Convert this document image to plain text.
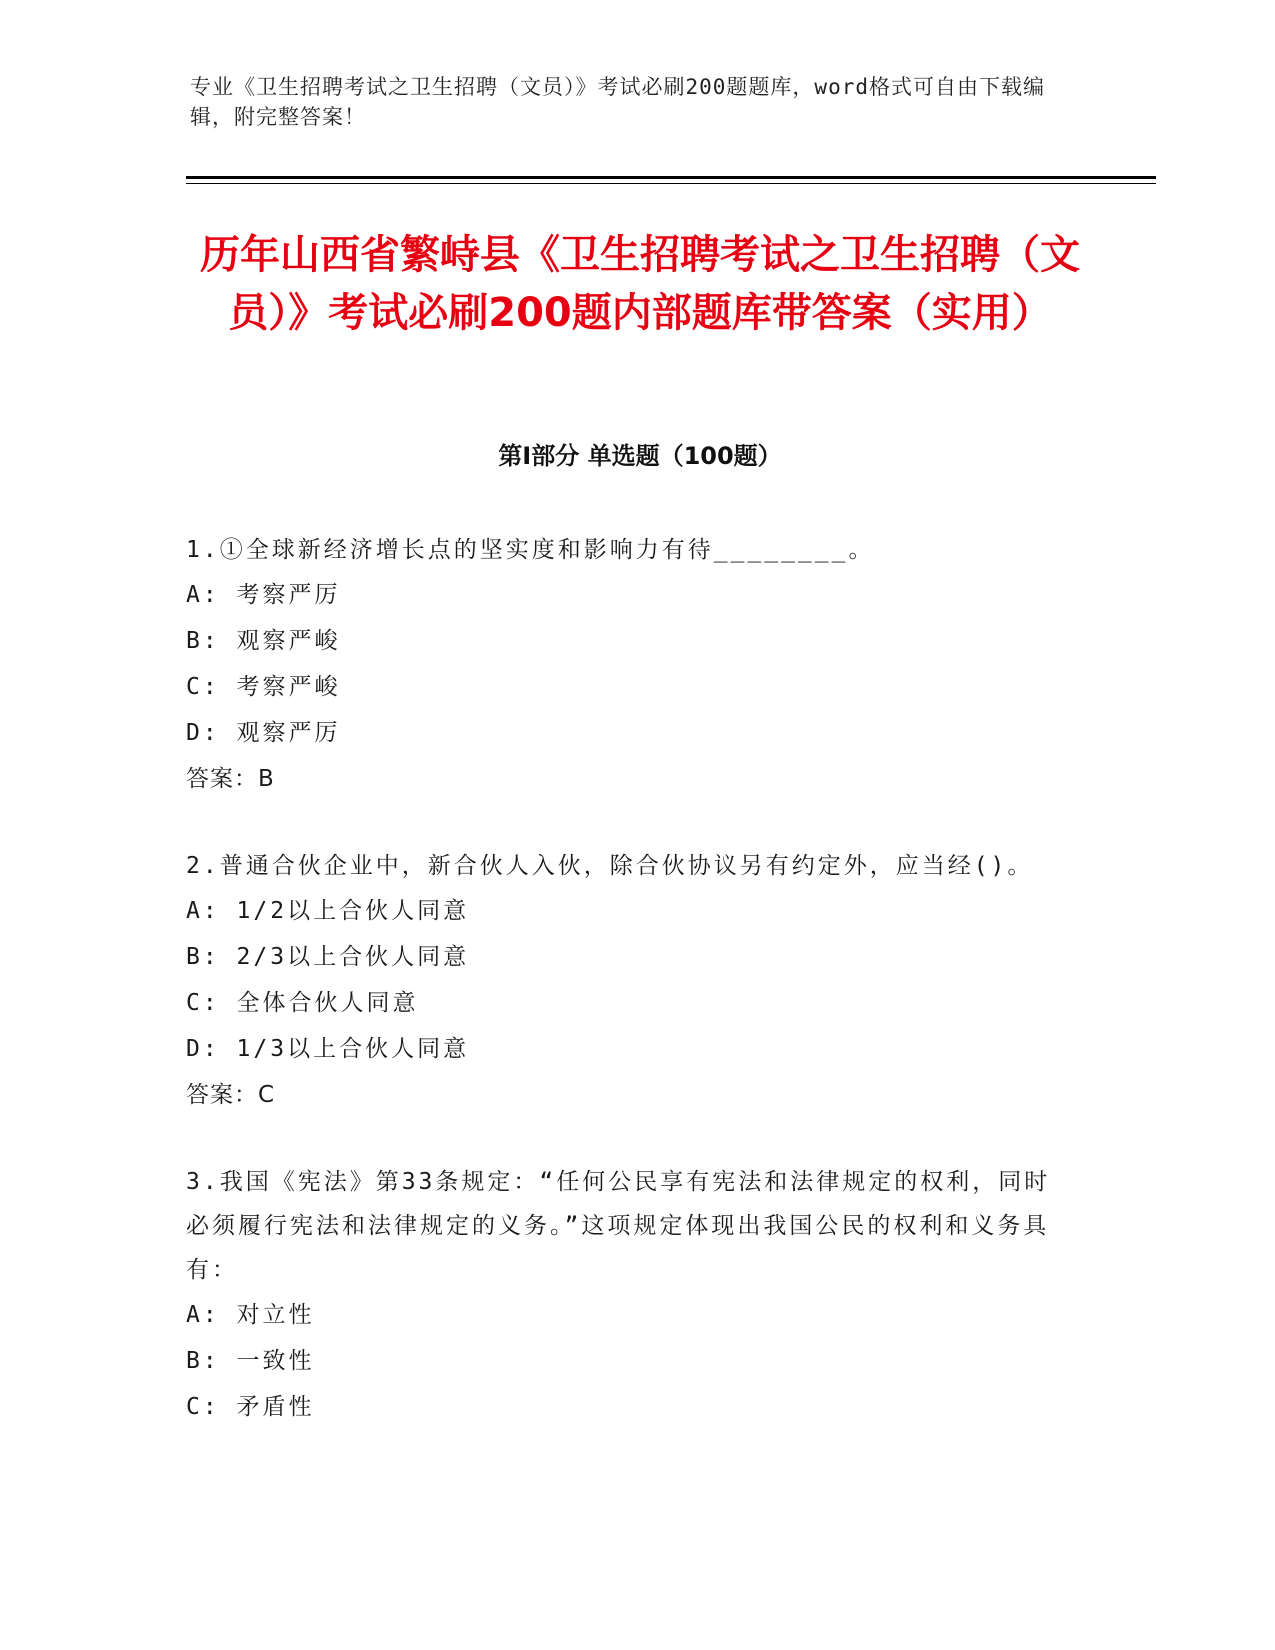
专业《卫生招聘考试之卫生招聘（文员）》考试必刷200题题库，word格式可自由下载编辑，附完整答案！
历年山西省繁峙县《卫生招聘考试之卫生招聘（文员）》考试必刷200题内部题库带答案（实用）
第Ⅰ部分 单选题（100题）
1.①全球新经济增长点的坚实度和影响力有待________。
A: 考察严厉
B: 观察严峻
C: 考察严峻
D: 观察严厉
答案：B
2.普通合伙企业中，新合伙人入伙，除合伙协议另有约定外，应当经()。
A: 1/2以上合伙人同意
B: 2/3以上合伙人同意
C: 全体合伙人同意
D: 1/3以上合伙人同意
答案：C
3.我国《宪法》第33条规定：“任何公民享有宪法和法律规定的权利，同时必须履行宪法和法律规定的义务。”这项规定体现出我国公民的权利和义务具有：
A: 对立性
B: 一致性
C: 矛盾性
